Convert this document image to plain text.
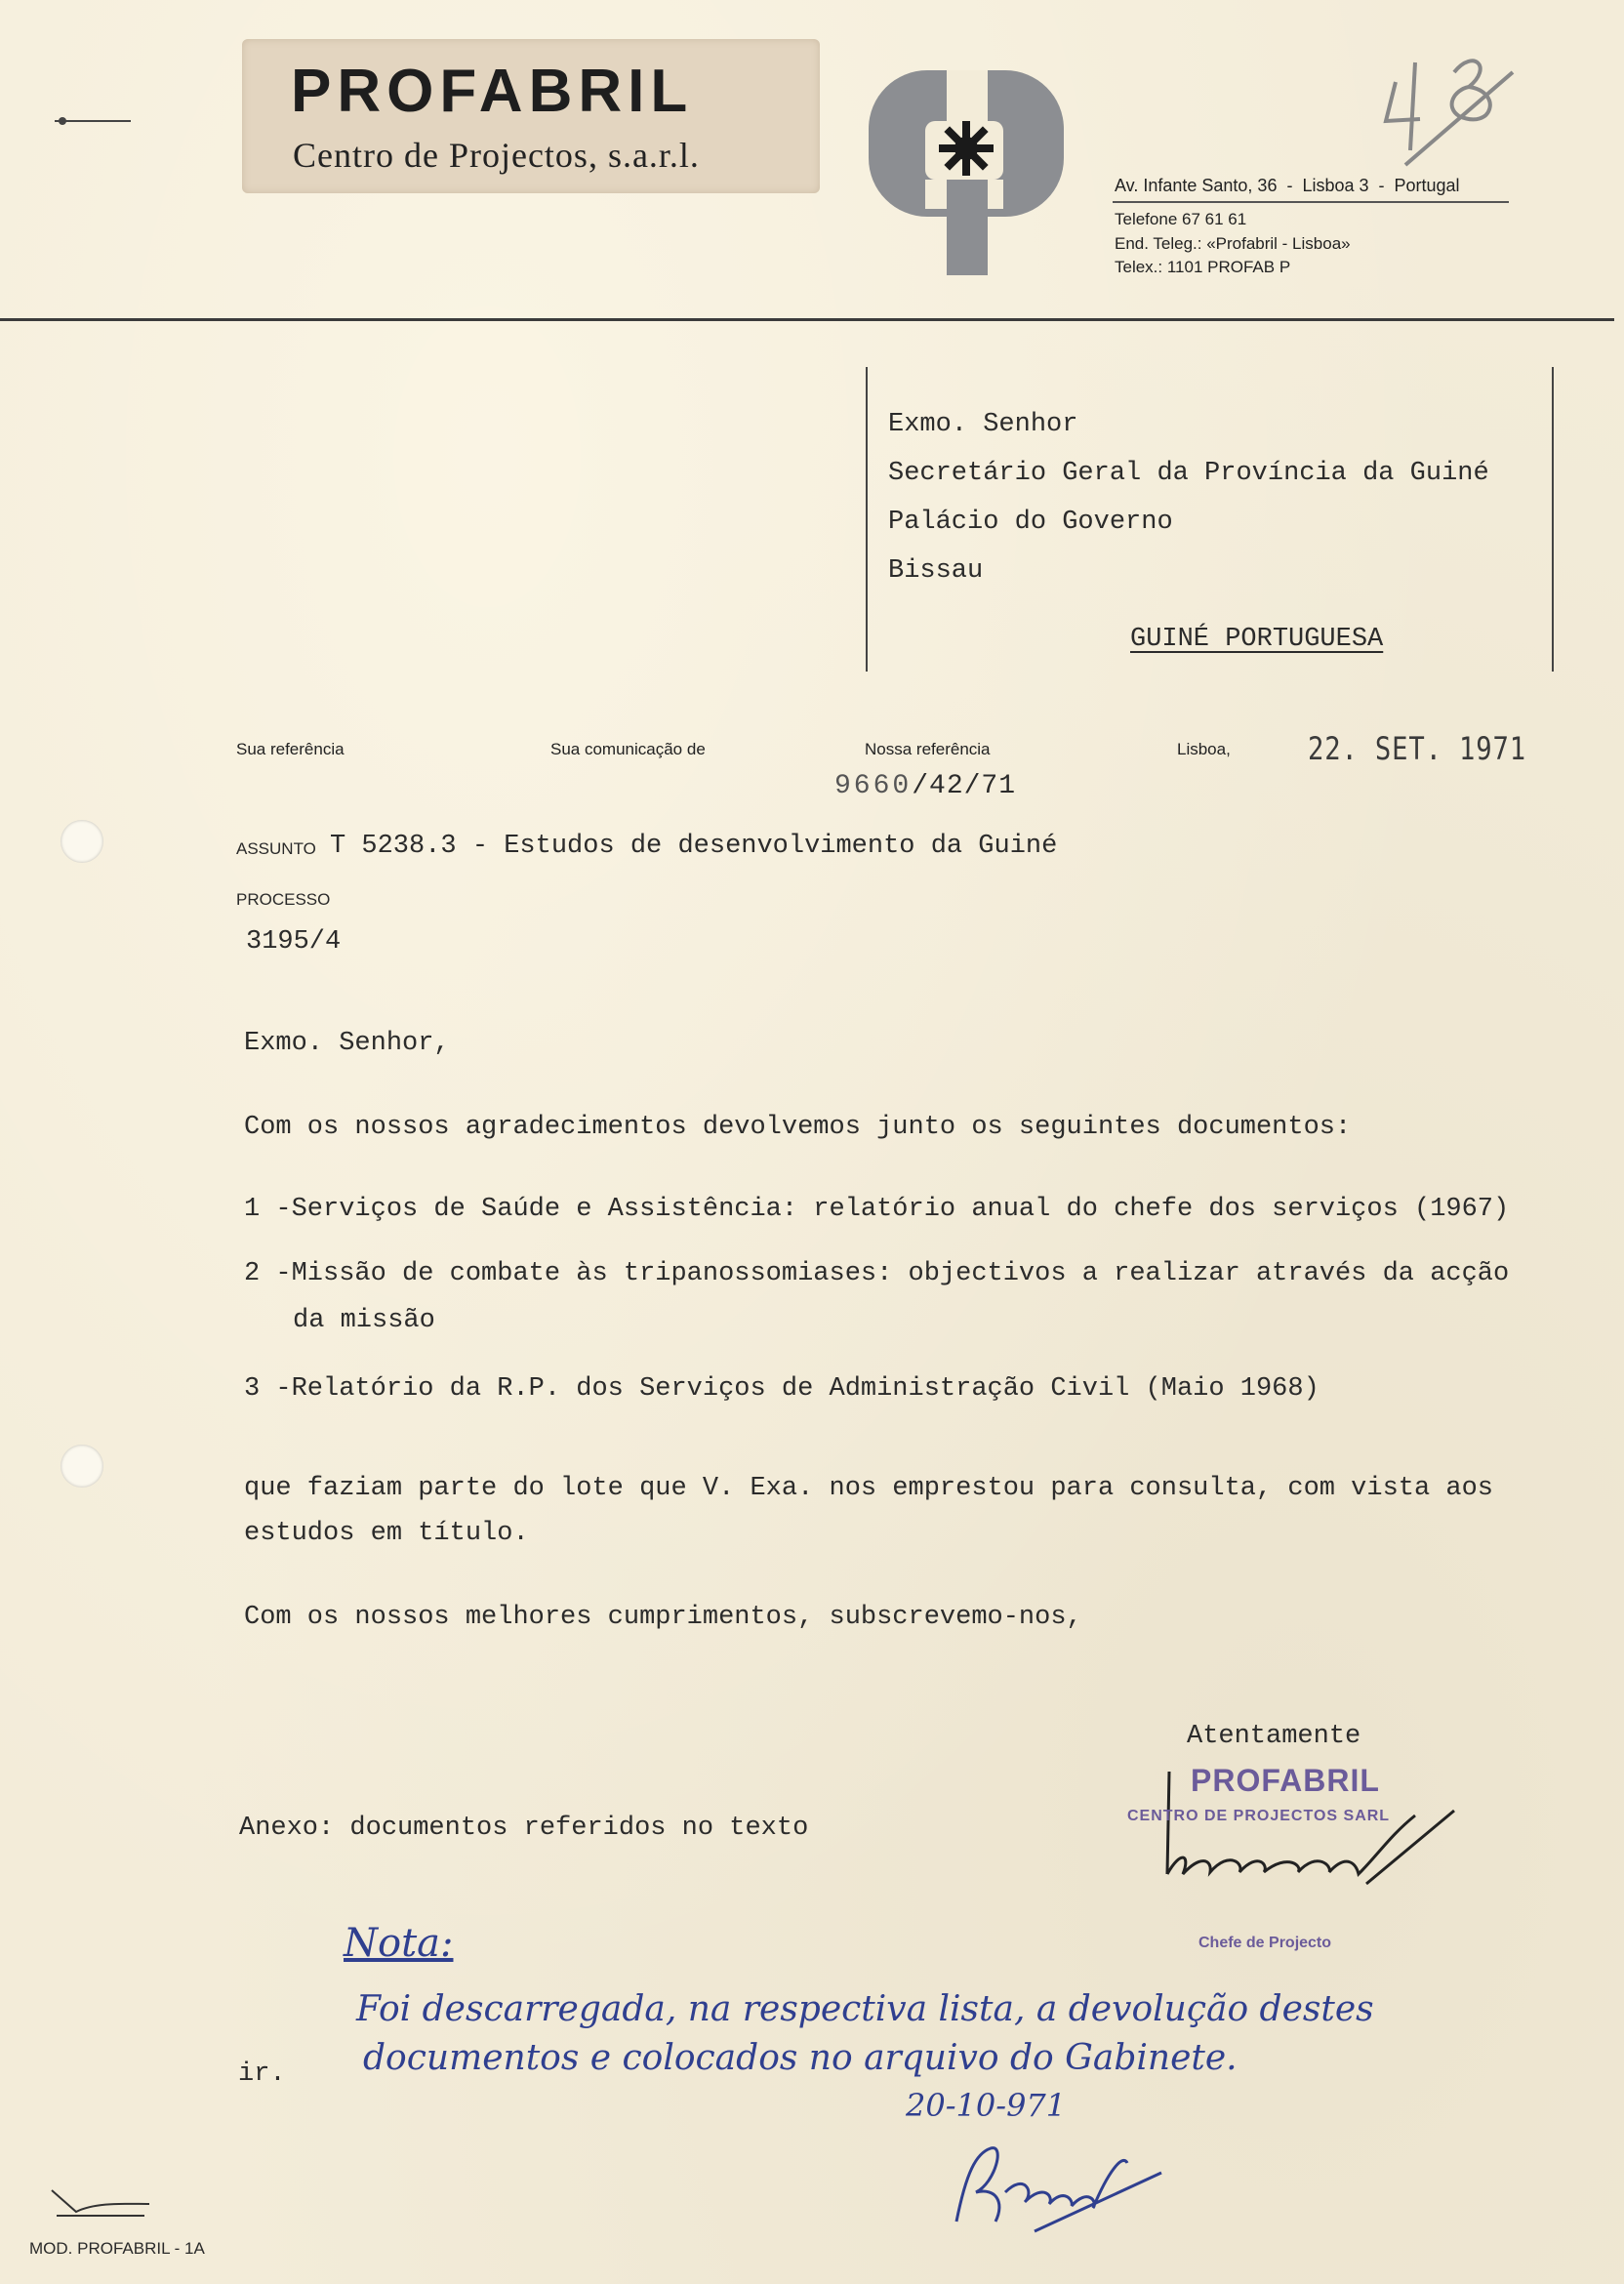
PROFABRIL
Centro de Projectos, s.a.r.l.
Av. Infante Santo, 36  -  Lisboa 3  -  Portugal
Telefone 67 61 61
End. Teleg.: «Profabril - Lisboa»
Telex.: 1101 PROFAB P
Exmo. Senhor
Secretário Geral da Província da Guiné
Palácio do Governo
Bissau
GUINÉ PORTUGUESA
Sua referência	Sua comunicação de	Nossa referência	Lisboa, 22. SET. 1971
9660/42/71
ASSUNTO T 5238.3 - Estudos de desenvolvimento da Guiné
PROCESSO
3195/4
Exmo. Senhor,
Com os nossos agradecimentos devolvemos junto os seguintes documentos:
1 -Serviços de Saúde e Assistência: relatório anual do chefe dos serviços (1967)
2 -Missão de combate às tripanossomiases: objectivos a realizar através da acção
da missão
3 -Relatório da R.P. dos Serviços de Administração Civil (Maio 1968)
que faziam parte do lote que V. Exa. nos emprestou para consulta, com vista aos
estudos em título.
Com os nossos melhores cumprimentos, subscrevemo-nos,
Atentamente
Anexo: documentos referidos no texto
ir.
PROFABRIL
CENTRO DE PROJECTOS SARL
Chefe de Projecto
Nota:
Foi descarregada, na respectiva lista, a devolução destes
documentos e colocados no arquivo do Gabinete.
20-10-971
MOD. PROFABRIL - 1A
